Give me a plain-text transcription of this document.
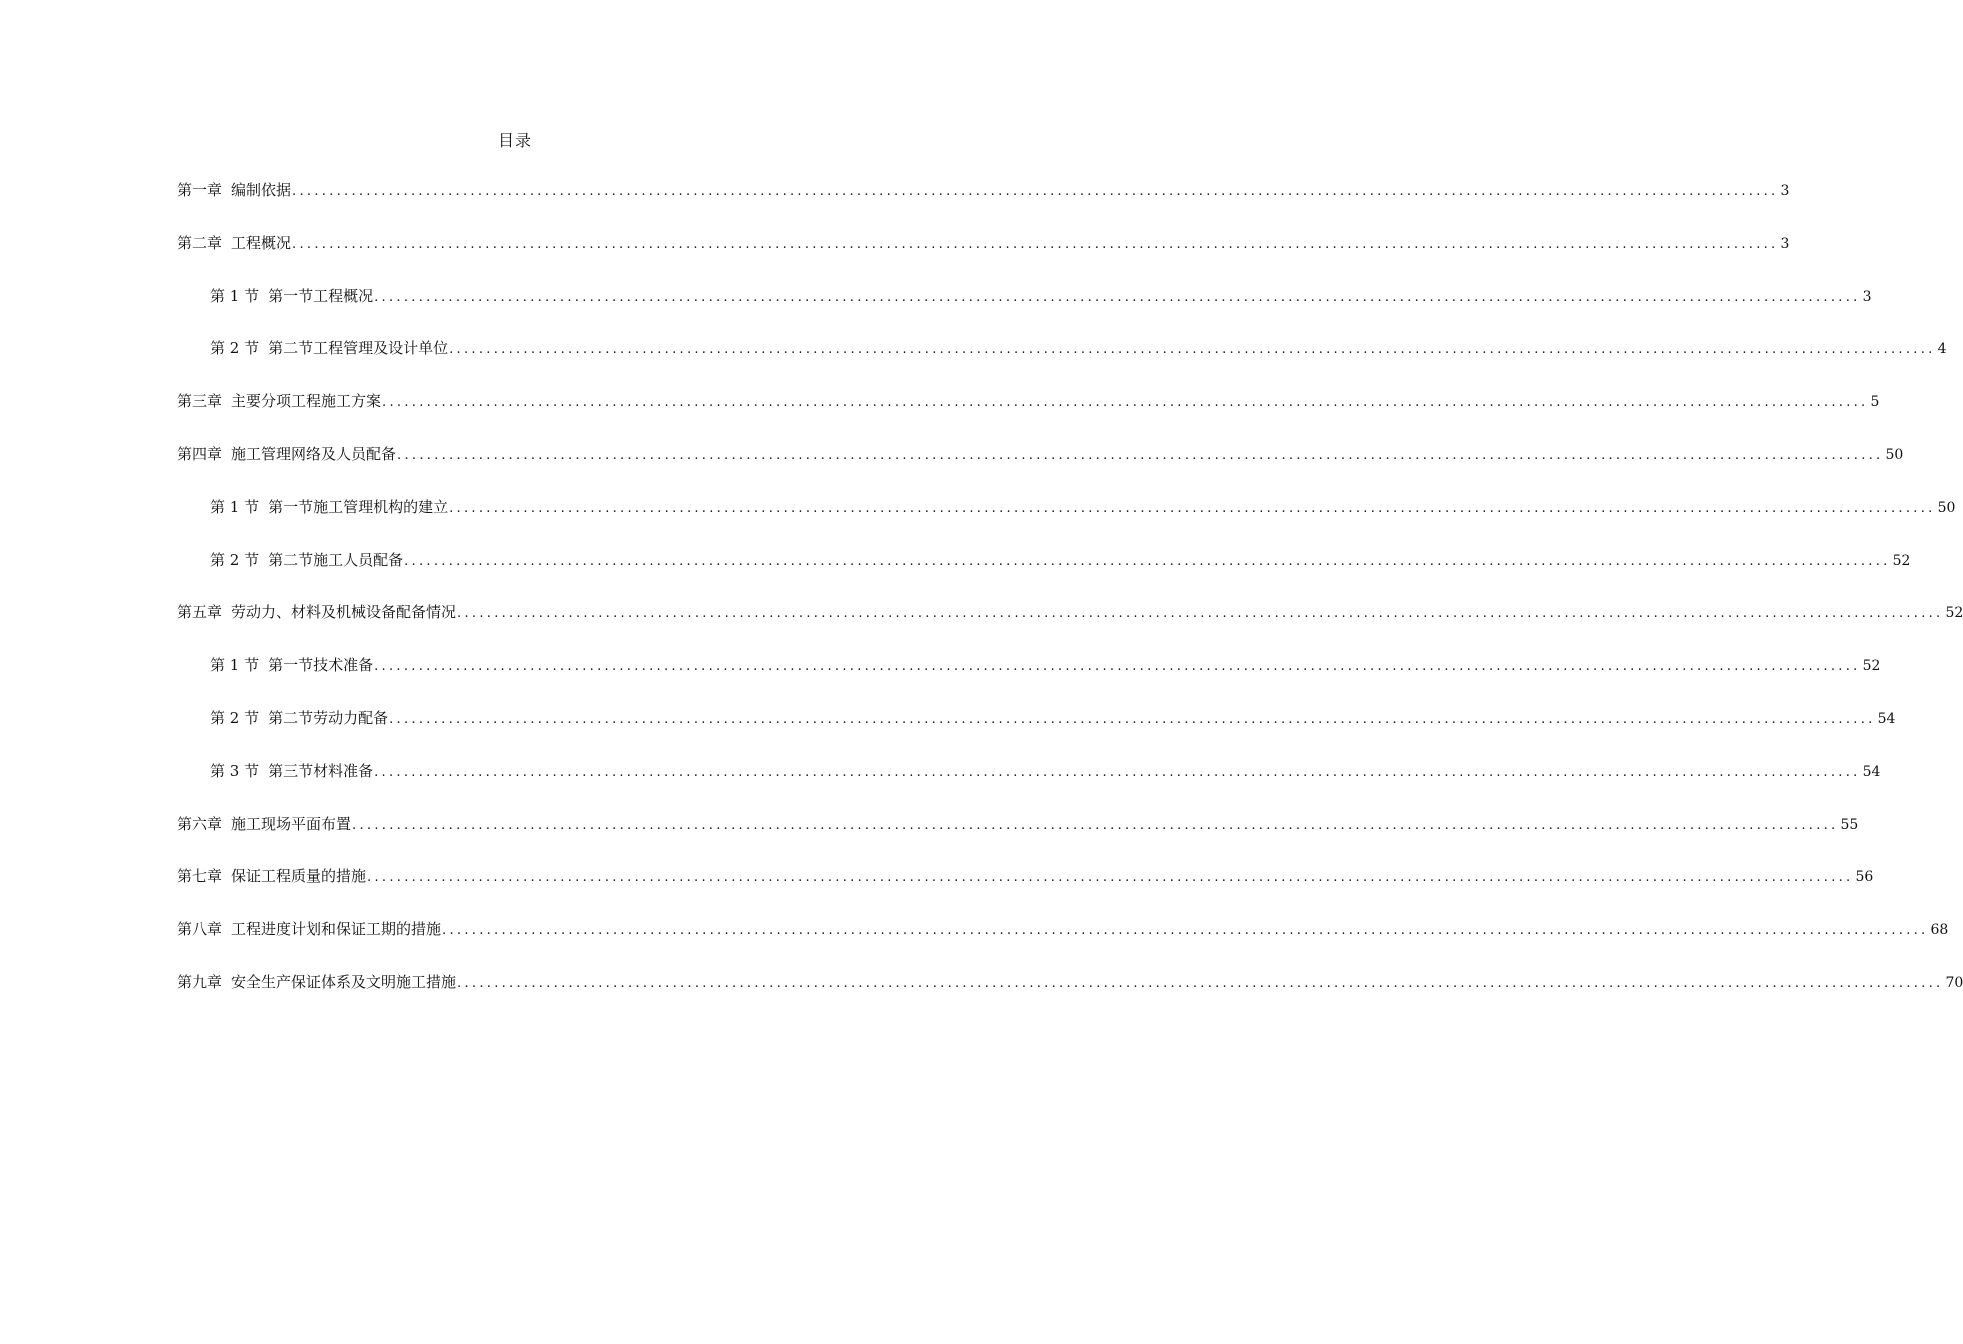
目录
第一章 编制依据 ........................................................................................................................................................................................................ 3
第二章 工程概况 ........................................................................................................................................................................................................ 3
第 1 节 第一节工程概况 ........................................................................................................................................................................................................ 3
第 2 节 第二节工程管理及设计单位 ........................................................................................................................................................................................................ 4
第三章 主要分项工程施工方案 ........................................................................................................................................................................................................ 5
第四章 施工管理网络及人员配备 ........................................................................................................................................................................................................ 50
第 1 节 第一节施工管理机构的建立 ........................................................................................................................................................................................................ 50
第 2 节 第二节施工人员配备 ........................................................................................................................................................................................................ 52
第五章 劳动力、材料及机械设备配备情况 ........................................................................................................................................................................................................ 52
第 1 节 第一节技术准备 ........................................................................................................................................................................................................ 52
第 2 节 第二节劳动力配备 ........................................................................................................................................................................................................ 54
第 3 节 第三节材料准备 ........................................................................................................................................................................................................ 54
第六章 施工现场平面布置 ........................................................................................................................................................................................................ 55
第七章 保证工程质量的措施 ........................................................................................................................................................................................................ 56
第八章 工程进度计划和保证工期的措施 ........................................................................................................................................................................................................ 68
第九章 安全生产保证体系及文明施工措施 ........................................................................................................................................................................................................ 70
